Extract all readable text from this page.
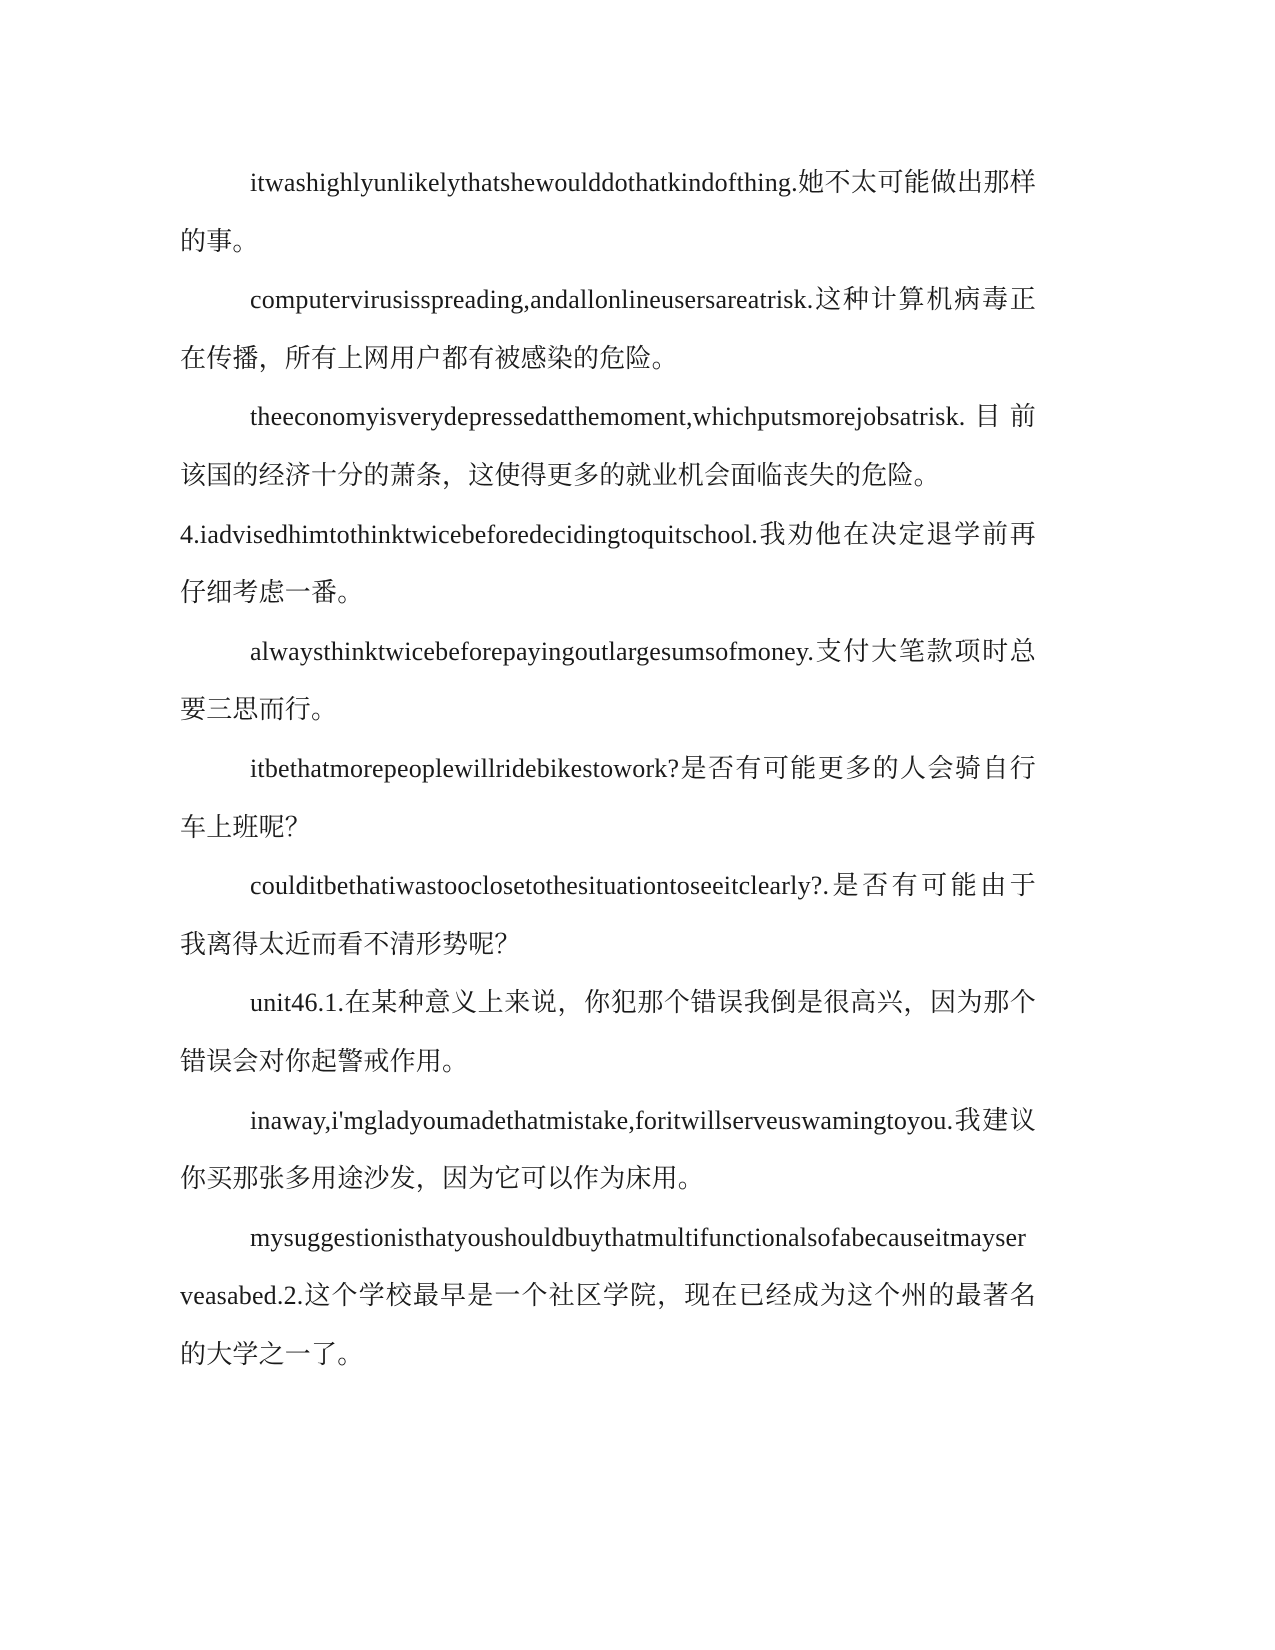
itwashighlyunlikelythatshewoulddothatkindofthing.她不太可能做出那样的事。

computervirusisspreading,andallonlineusersareatrisk.这种计算机病毒正在传播，所有上网用户都有被感染的危险。

theeconomyisverydepressedatthemoment,whichputsmorejobsatrisk.目前该国的经济十分的萧条，这使得更多的就业机会面临丧失的危险。

4.iadvisedhimtothinktwicebeforedecidingtoquitschool.我劝他在决定退学前再仔细考虑一番。

alwaysthinktwicebeforepayingoutlargesumsofmoney.支付大笔款项时总要三思而行。

itbethatmorepeoplewillridebikestowork?是否有可能更多的人会骑自行车上班呢？

coulditbethatiwastooclosetothesituationtoseeitclearly?.是否有可能由于我离得太近而看不清形势呢？

unit46.1.在某种意义上来说，你犯那个错误我倒是很高兴，因为那个错误会对你起警戒作用。

inaway,i'mgladyoumadethatmistake,foritwillserveuswamingtoyou.我建议你买那张多用途沙发，因为它可以作为床用。

mysuggestionisthatyoushouldbuythatmultifunctionalsofabecauseitmayserveasabed.2.这个学校最早是一个社区学院，现在已经成为这个州的最著名的大学之一了。
